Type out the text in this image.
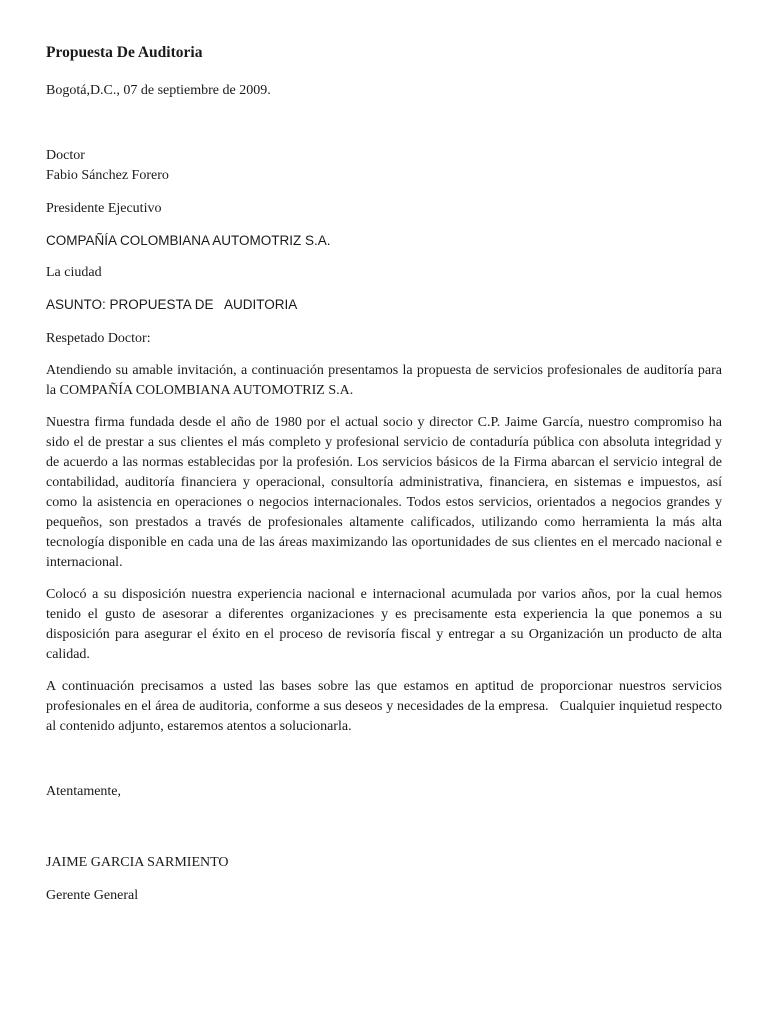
Propuesta De Auditoria

Bogotá,D.C., 07 de septiembre de 2009.

Doctor

Fabio Sánchez Forero

Presidente Ejecutivo

COMPAÑÍA COLOMBIANA AUTOMOTRIZ S.A.

La ciudad

ASUNTO: PROPUESTA DE   AUDITORIA

Respetado Doctor:

Atendiendo su amable invitación, a continuación presentamos la propuesta de servicios profesionales de auditoría para la COMPAÑÍA COLOMBIANA AUTOMOTRIZ S.A.

Nuestra firma fundada desde el año de 1980 por el actual socio y director C.P. Jaime García, nuestro compromiso ha sido el de prestar a sus clientes el más completo y profesional servicio de contaduría pública con absoluta integridad y de acuerdo a las normas establecidas por la profesión. Los servicios básicos de la Firma abarcan el servicio integral de contabilidad, auditoría financiera y operacional, consultoría administrativa, financiera, en sistemas e impuestos, así como la asistencia en operaciones o negocios internacionales. Todos estos servicios, orientados a negocios grandes y pequeños, son prestados a través de profesionales altamente calificados, utilizando como herramienta la más alta tecnología disponible en cada una de las áreas maximizando las oportunidades de sus clientes en el mercado nacional e internacional.

Colocó a su disposición nuestra experiencia nacional e internacional acumulada por varios años, por la cual hemos tenido el gusto de asesorar a diferentes organizaciones y es precisamente esta experiencia la que ponemos a su disposición para asegurar el éxito en el proceso de revisoría fiscal y entregar a su Organización un producto de alta calidad.

A continuación precisamos a usted las bases sobre las que estamos en aptitud de proporcionar nuestros servicios profesionales en el área de auditoria, conforme a sus deseos y necesidades de la empresa.   Cualquier inquietud respecto al contenido adjunto, estaremos atentos a solucionarla.

Atentamente,

JAIME GARCIA SARMIENTO

Gerente General
